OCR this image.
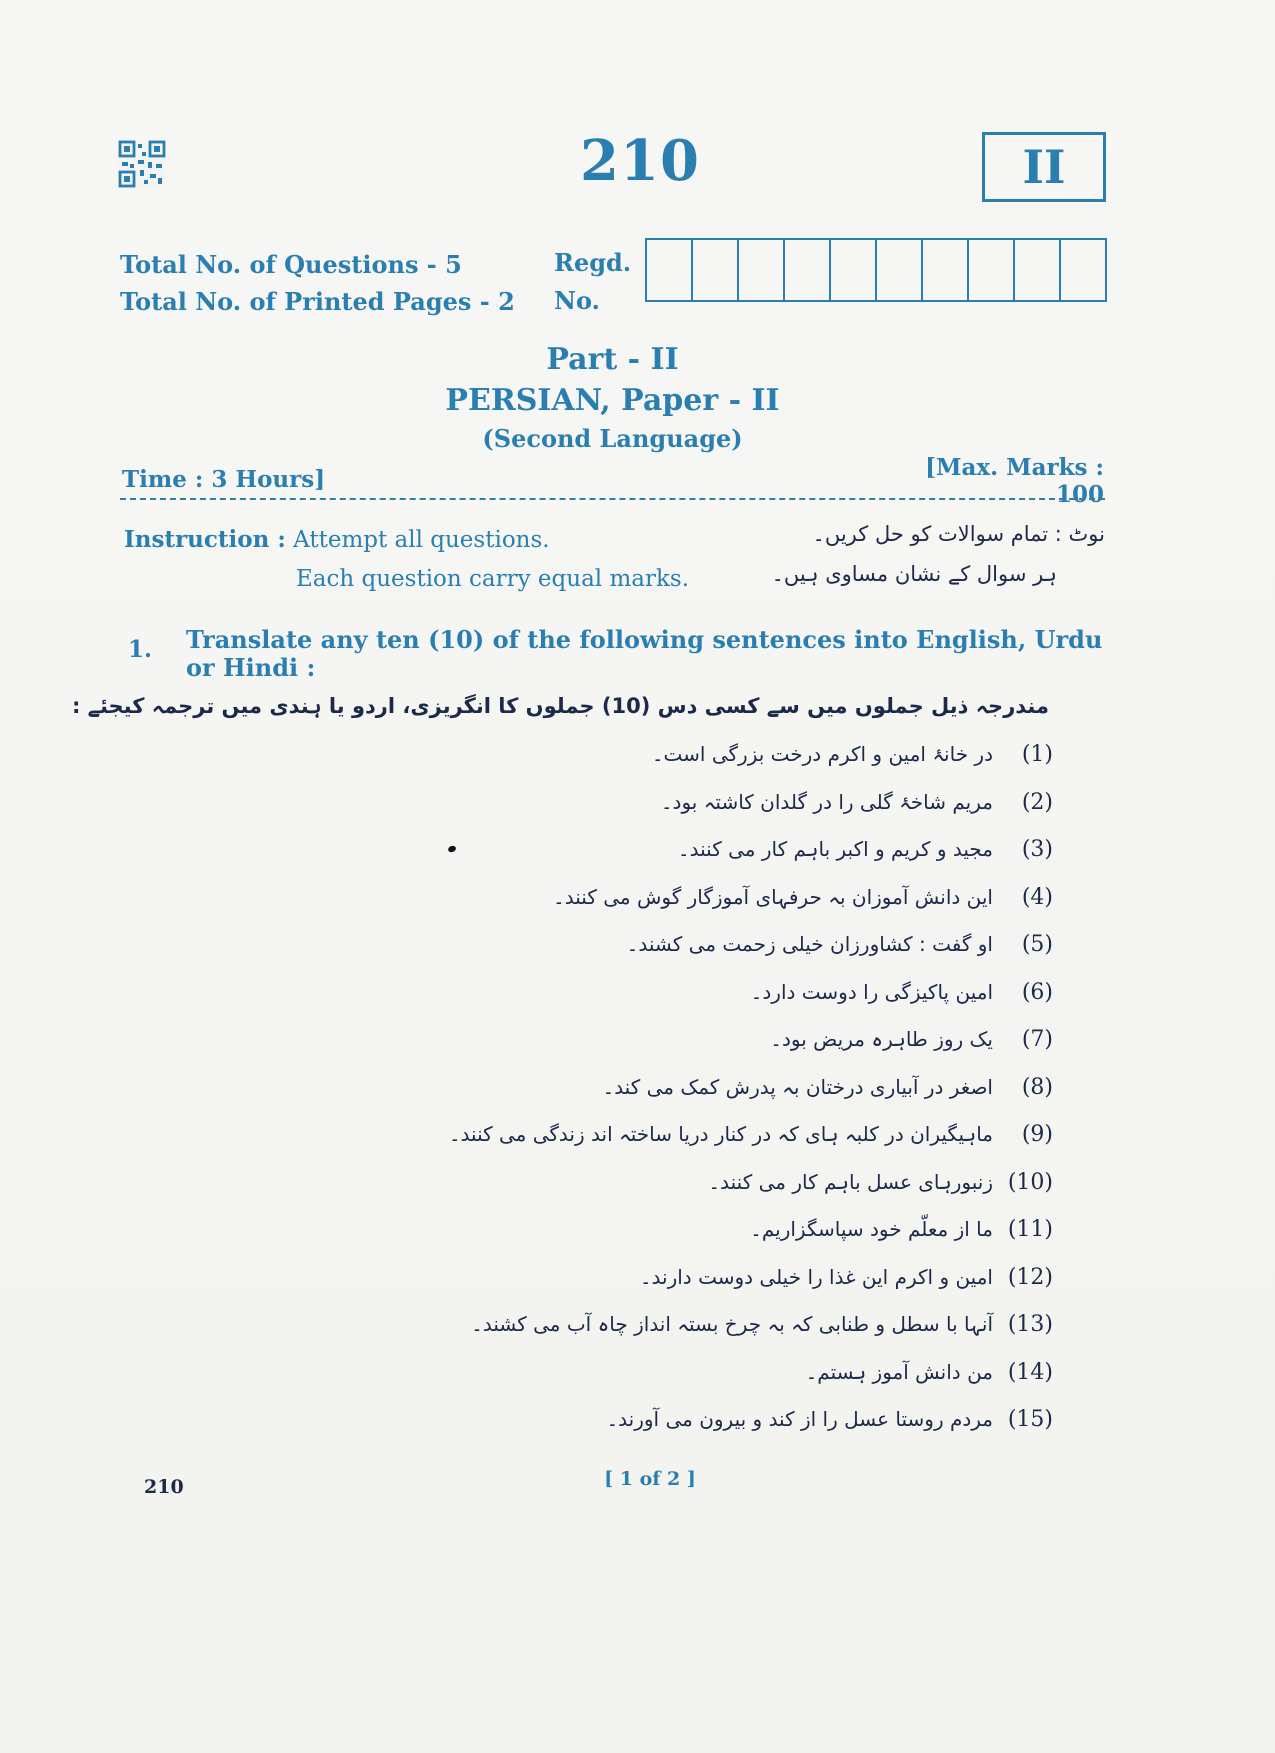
210	II
Total No. of Questions - 5
Total No. of Printed Pages - 2
Regd.
No.
Part - II
PERSIAN, Paper - II
(Second Language)
Time : 3 Hours]	[Max. Marks : 100
Instruction : Attempt all questions.
Each question carry equal marks.
نوٹ : تمام سوالات کو حل کریں۔
ہر سوال کے نشان مساوی ہیں۔
1. Translate any ten (10) of the following sentences into English, Urdu or Hindi :
مندرجہ ذیل جملوں میں سے کسی دس (10) جملوں کا انگریزی، اردو یا ہندی میں ترجمہ کیجئے :
(1)
در خانۂ امین و اکرم درخت بزرگی است۔
(2)
مریم شاخۂ گلی را در گلدان کاشتہ بود۔
(3)
مجید و کریم و اکبر باہم کار می کنند۔
(4)
این دانش آموزان بہ حرفہای آموزگار گوش می کنند۔
(5)
او گفت : کشاورزان خیلی زحمت می کشند۔
(6)
امین پاکیزگی را دوست دارد۔
(7)
یک روز طاہرہ مریض بود۔
(8)
اصغر در آبیاری درختان بہ پدرش کمک می کند۔
(9)
ماہیگیران در کلبہ ہای کہ در کنار دریا ساختہ اند زندگی می کنند۔
(10)
زنبورہای عسل باہم کار می کنند۔
(11)
ما از معلّم خود سپاسگزاریم۔
(12)
امین و اکرم این غذا را خیلی دوست دارند۔
(13)
آنہا با سطل و طنابی کہ بہ چرخ بستہ انداز چاہ آب می کشند۔
(14)
من دانش آموز ہستم۔
(15)
مردم روستا عسل را از کند و بیرون می آورند۔
210	[ 1 of 2 ]
